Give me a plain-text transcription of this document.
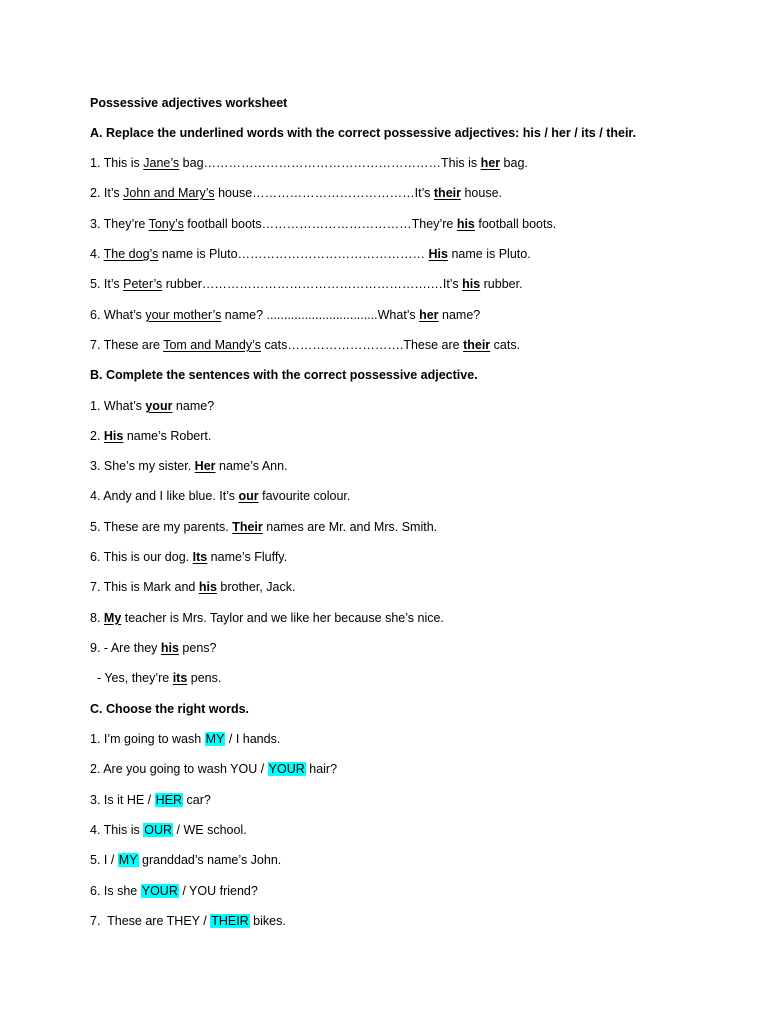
Possessive adjectives worksheet
A. Replace the underlined words with the correct possessive adjectives: his / her / its / their.
1. This is Jane’s bag…………………………………………………This is her bag.
2. It’s John and Mary’s house…………………………………It’s their house.
3. They’re Tony’s football boots………………………………They’re his football boots.
4. The dog’s name is Pluto……………………………………… His name is Pluto.
5. It’s Peter’s rubber……………………………………………….…It’s his rubber.
6. What’s your mother’s name? ................................What’s her name?
7. These are Tom and Mandy’s cats……………………….These are their cats.
B. Complete the sentences with the correct possessive adjective.
1. What’s your name?
2. His name’s Robert.
3. She’s my sister. Her name’s Ann.
4. Andy and I like blue. It’s our favourite colour.
5. These are my parents. Their names are Mr. and Mrs. Smith.
6. This is our dog. Its name’s Fluffy.
7. This is Mark and his brother, Jack.
8. My teacher is Mrs. Taylor and we like her because she’s nice.
9. - Are they his pens?
- Yes, they’re its pens.
C. Choose the right words.
1. I’m going to wash MY / I hands.
2. Are you going to wash YOU / YOUR hair?
3. Is it HE / HER car?
4. This is OUR / WE school.
5. I / MY granddad’s name’s John.
6. Is she YOUR / YOU friend?
7.  These are THEY / THEIR bikes.
